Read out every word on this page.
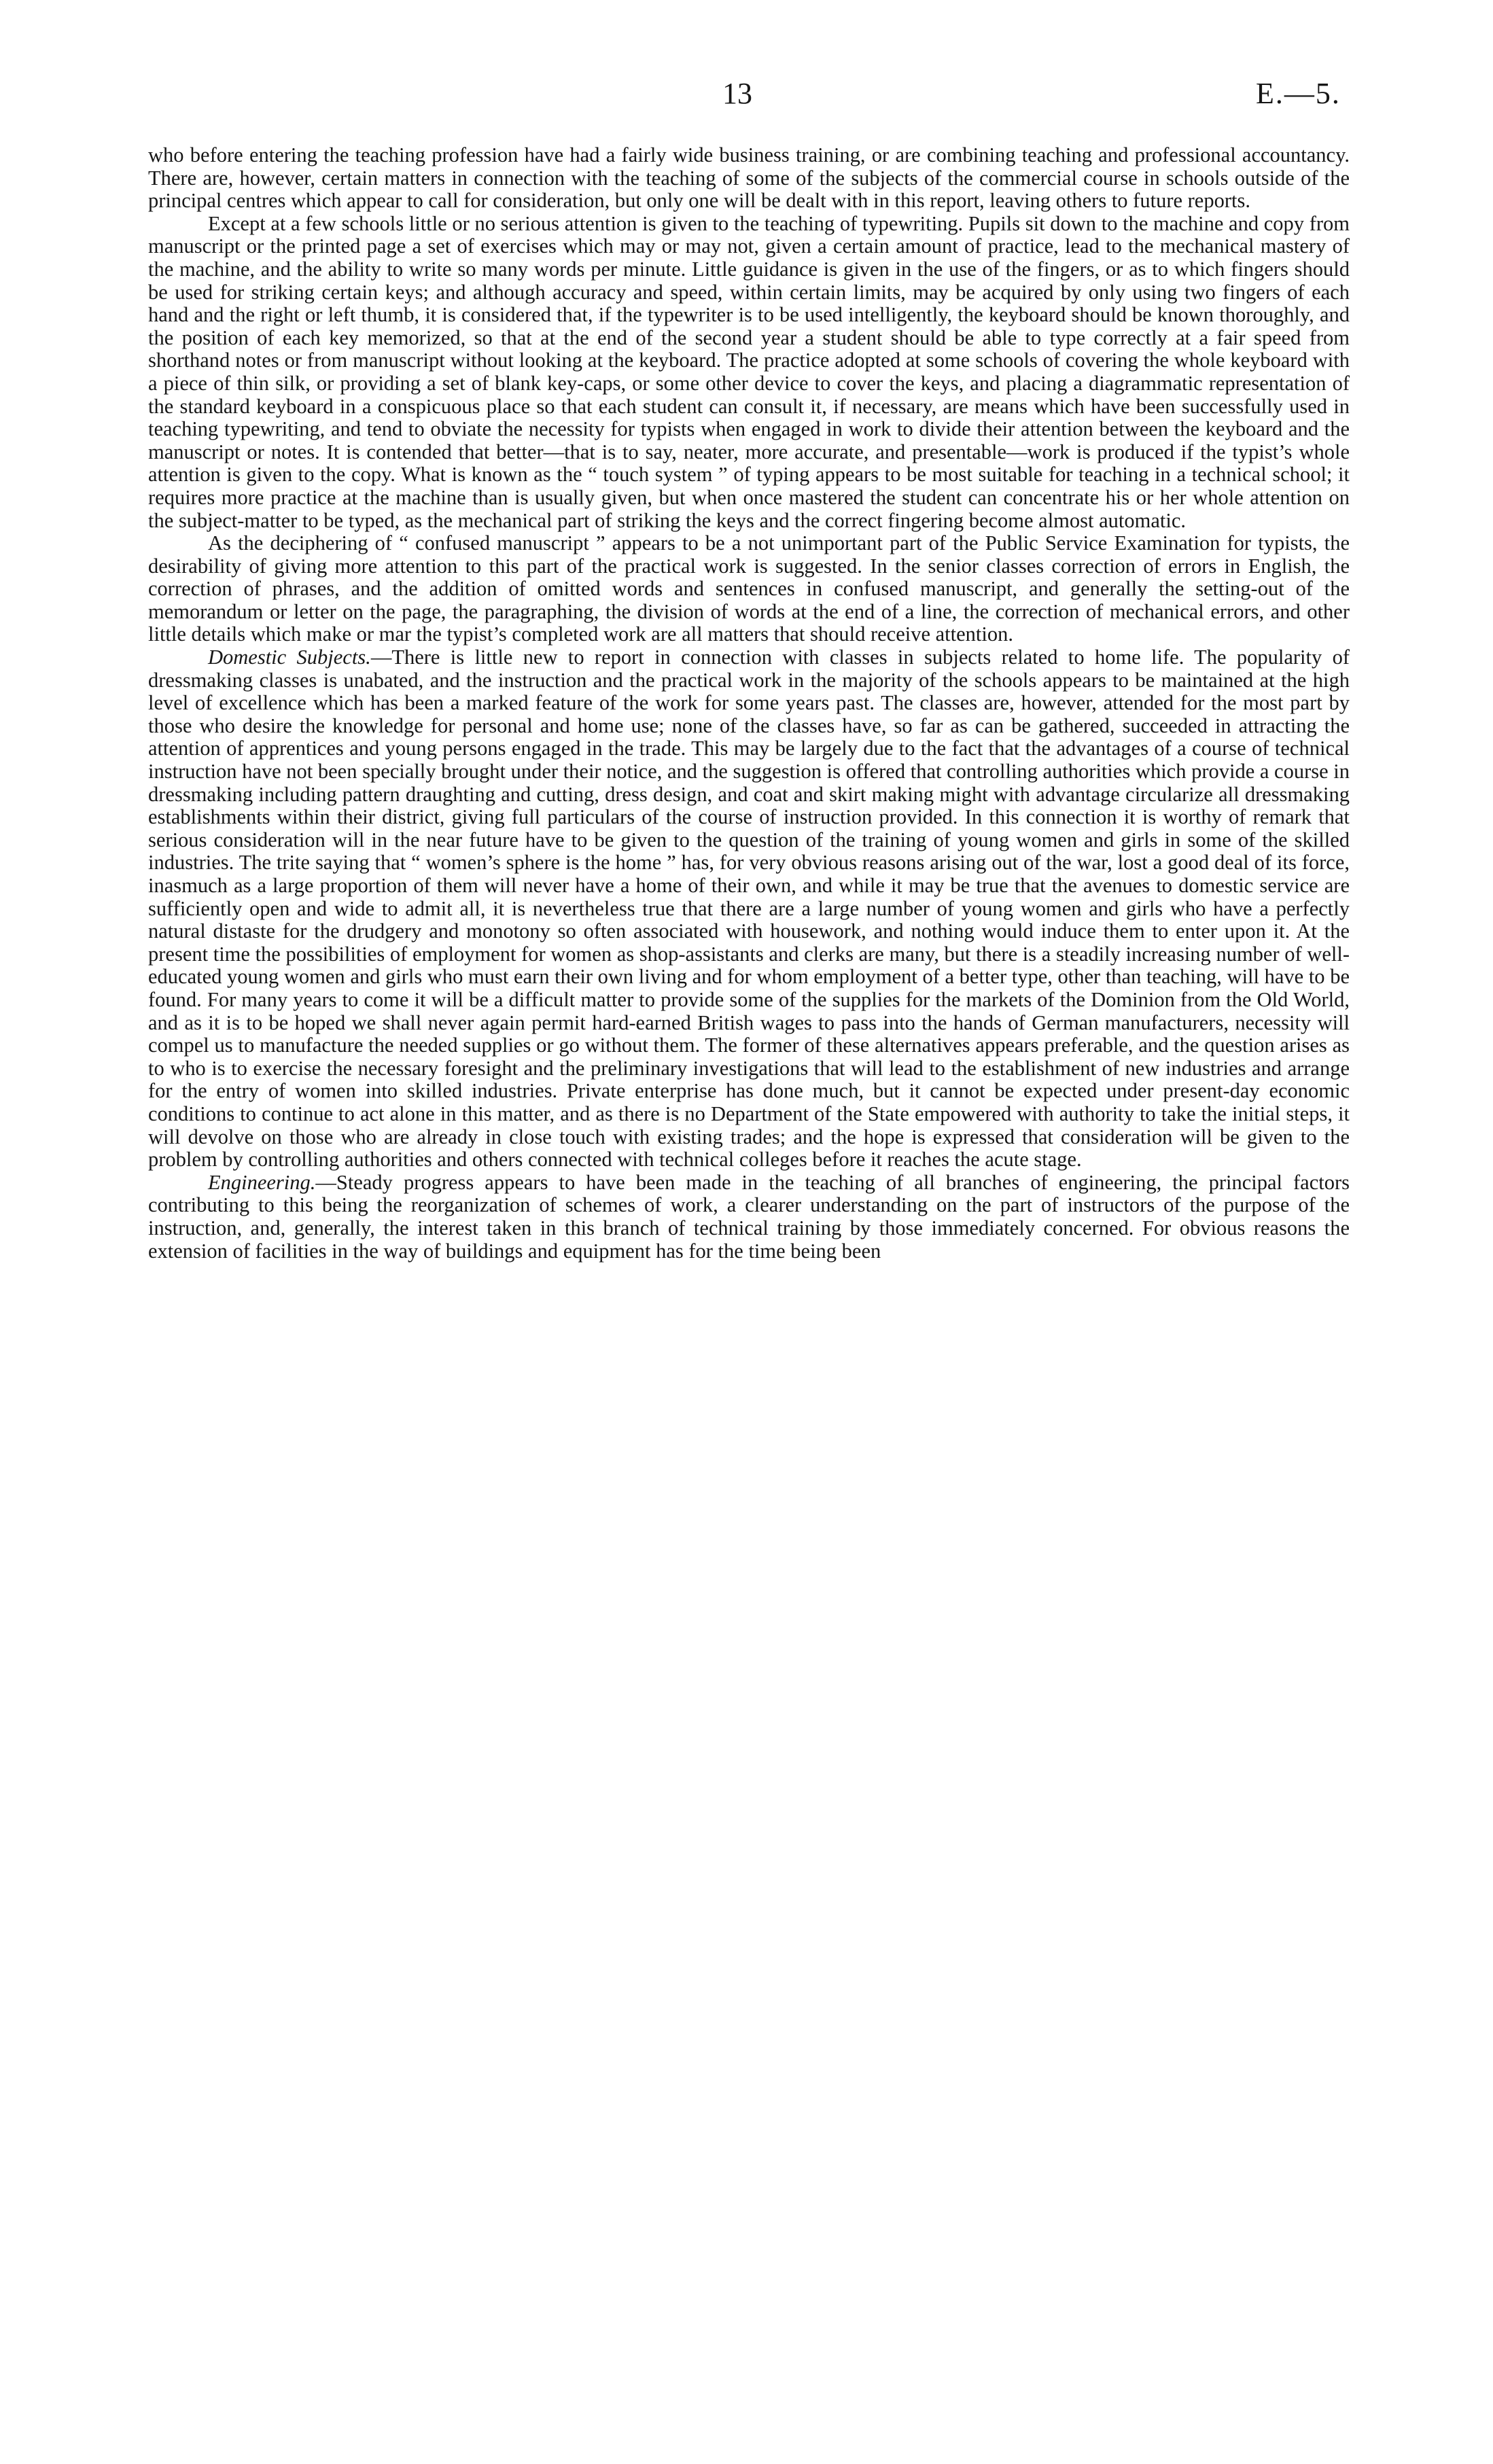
13	E.—5.

who before entering the teaching profession have had a fairly wide business training, or are combining teaching and professional accountancy. There are, however, certain matters in connection with the teaching of some of the subjects of the commercial course in schools outside of the principal centres which appear to call for consideration, but only one will be dealt with in this report, leaving others to future reports.

Except at a few schools little or no serious attention is given to the teaching of typewriting. Pupils sit down to the machine and copy from manuscript or the printed page a set of exercises which may or may not, given a certain amount of practice, lead to the mechanical mastery of the machine, and the ability to write so many words per minute. Little guidance is given in the use of the fingers, or as to which fingers should be used for striking certain keys; and although accuracy and speed, within certain limits, may be acquired by only using two fingers of each hand and the right or left thumb, it is considered that, if the typewriter is to be used intelligently, the keyboard should be known thoroughly, and the position of each key memorized, so that at the end of the second year a student should be able to type correctly at a fair speed from shorthand notes or from manuscript without looking at the keyboard. The practice adopted at some schools of covering the whole keyboard with a piece of thin silk, or providing a set of blank key-caps, or some other device to cover the keys, and placing a diagrammatic representation of the standard keyboard in a conspicuous place so that each student can consult it, if necessary, are means which have been successfully used in teaching typewriting, and tend to obviate the necessity for typists when engaged in work to divide their attention between the keyboard and the manuscript or notes. It is contended that better—that is to say, neater, more accurate, and presentable—work is produced if the typist’s whole attention is given to the copy. What is known as the “ touch system ” of typing appears to be most suitable for teaching in a technical school; it requires more practice at the machine than is usually given, but when once mastered the student can concentrate his or her whole attention on the subject-matter to be typed, as the mechanical part of striking the keys and the correct fingering become almost automatic.

As the deciphering of “ confused manuscript ” appears to be a not unimportant part of the Public Service Examination for typists, the desirability of giving more attention to this part of the practical work is suggested. In the senior classes correction of errors in English, the correction of phrases, and the addition of omitted words and sentences in confused manuscript, and generally the setting-out of the memorandum or letter on the page, the paragraphing, the division of words at the end of a line, the correction of mechanical errors, and other little details which make or mar the typist’s completed work are all matters that should receive attention.

Domestic Subjects.—There is little new to report in connection with classes in subjects related to home life. The popularity of dressmaking classes is unabated, and the instruction and the practical work in the majority of the schools appears to be maintained at the high level of excellence which has been a marked feature of the work for some years past. The classes are, however, attended for the most part by those who desire the knowledge for personal and home use; none of the classes have, so far as can be gathered, succeeded in attracting the attention of apprentices and young persons engaged in the trade. This may be largely due to the fact that the advantages of a course of technical instruction have not been specially brought under their notice, and the suggestion is offered that controlling authorities which provide a course in dressmaking including pattern draughting and cutting, dress design, and coat and skirt making might with advantage circularize all dressmaking establishments within their district, giving full particulars of the course of instruction provided. In this connection it is worthy of remark that serious consideration will in the near future have to be given to the question of the training of young women and girls in some of the skilled industries. The trite saying that “ women’s sphere is the home ” has, for very obvious reasons arising out of the war, lost a good deal of its force, inasmuch as a large proportion of them will never have a home of their own, and while it may be true that the avenues to domestic service are sufficiently open and wide to admit all, it is nevertheless true that there are a large number of young women and girls who have a perfectly natural distaste for the drudgery and monotony so often associated with housework, and nothing would induce them to enter upon it. At the present time the possibilities of employment for women as shop-assistants and clerks are many, but there is a steadily increasing number of well-educated young women and girls who must earn their own living and for whom employment of a better type, other than teaching, will have to be found. For many years to come it will be a difficult matter to provide some of the supplies for the markets of the Dominion from the Old World, and as it is to be hoped we shall never again permit hard-earned British wages to pass into the hands of German manufacturers, necessity will compel us to manufacture the needed supplies or go without them. The former of these alternatives appears preferable, and the question arises as to who is to exercise the necessary foresight and the preliminary investigations that will lead to the establishment of new industries and arrange for the entry of women into skilled industries. Private enterprise has done much, but it cannot be expected under present-day economic conditions to continue to act alone in this matter, and as there is no Department of the State empowered with authority to take the initial steps, it will devolve on those who are already in close touch with existing trades; and the hope is expressed that consideration will be given to the problem by controlling authorities and others connected with technical colleges before it reaches the acute stage.

Engineering.—Steady progress appears to have been made in the teaching of all branches of engineering, the principal factors contributing to this being the reorganization of schemes of work, a clearer understanding on the part of instructors of the purpose of the instruction, and, generally, the interest taken in this branch of technical training by those immediately concerned. For obvious reasons the extension of facilities in the way of buildings and equipment has for the time being been
